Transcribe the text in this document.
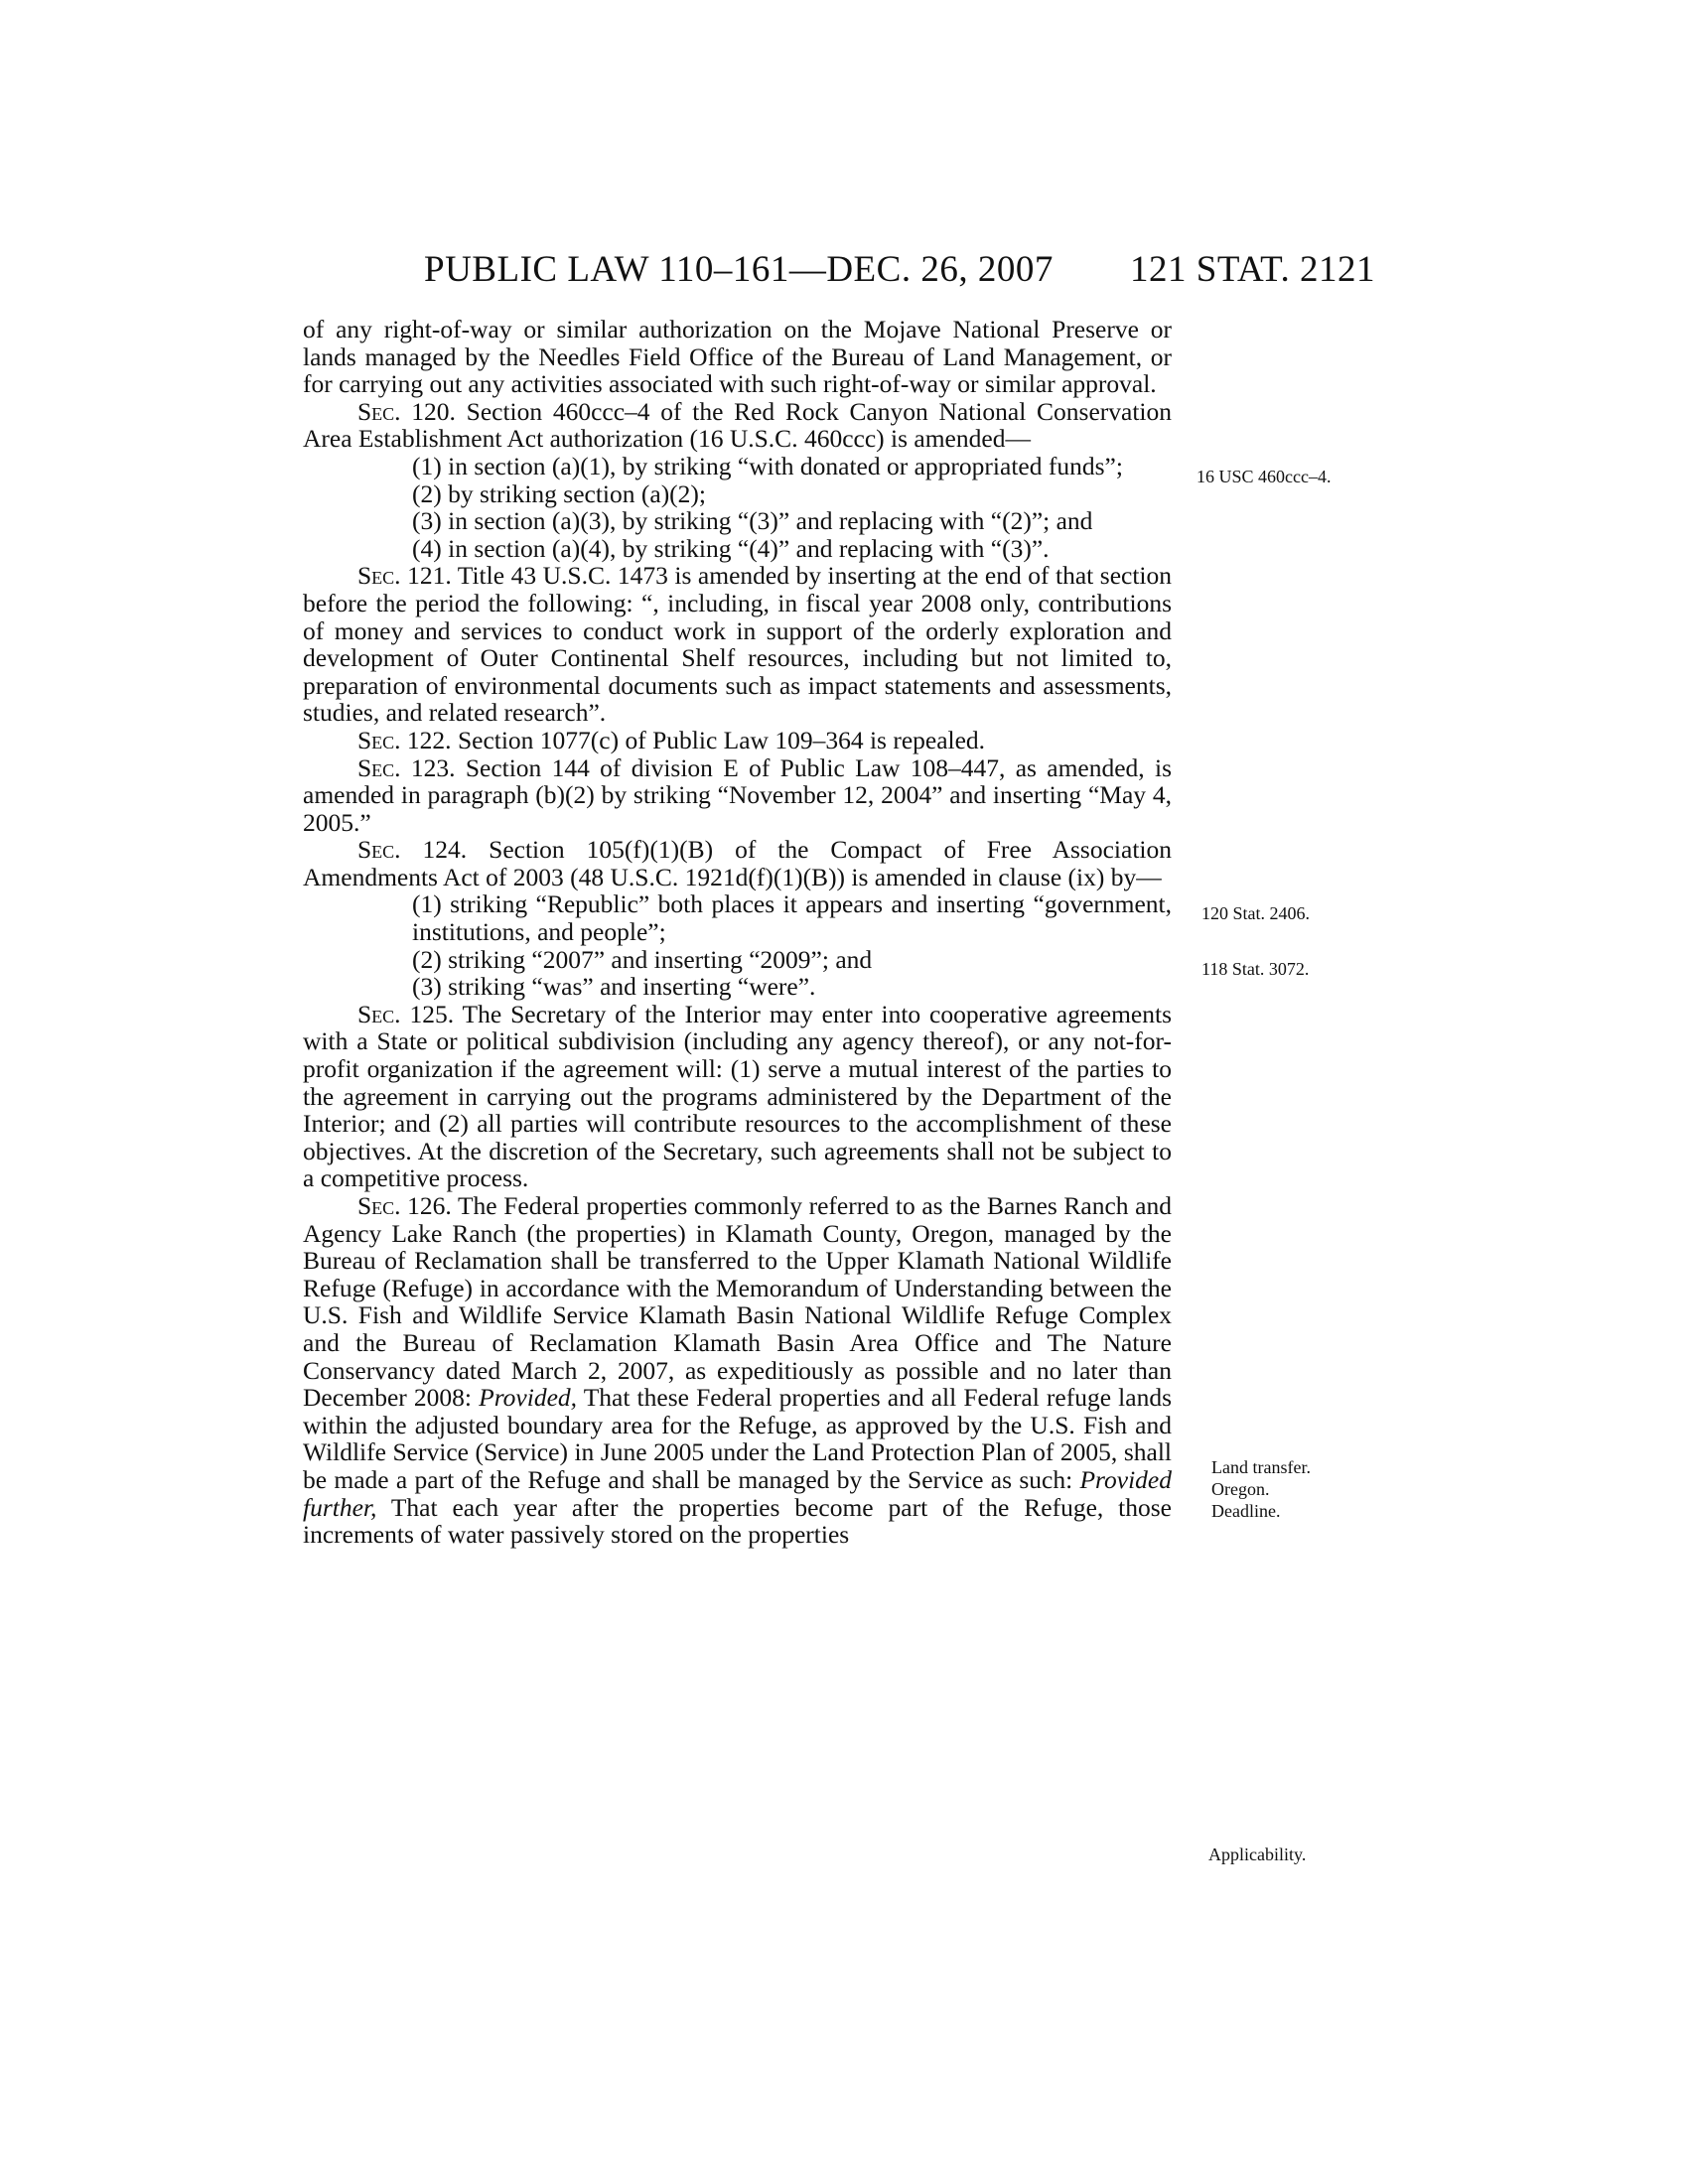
PUBLIC LAW 110–161—DEC. 26, 2007 121 STAT. 2121

of any right-of-way or similar authorization on the Mojave National Preserve or lands managed by the Needles Field Office of the Bureau of Land Management, or for carrying out any activities associated with such right-of-way or similar approval.

Sec. 120. Section 460ccc–4 of the Red Rock Canyon National Conservation Area Establishment Act authorization (16 U.S.C. 460ccc) is amended—

(1) in section (a)(1), by striking “with donated or appropriated funds”;

(2) by striking section (a)(2);

(3) in section (a)(3), by striking “(3)” and replacing with “(2)”; and

(4) in section (a)(4), by striking “(4)” and replacing with “(3)”.

Sec. 121. Title 43 U.S.C. 1473 is amended by inserting at the end of that section before the period the following: “, including, in fiscal year 2008 only, contributions of money and services to conduct work in support of the orderly exploration and development of Outer Continental Shelf resources, including but not limited to, preparation of environmental documents such as impact statements and assessments, studies, and related research”.

Sec. 122. Section 1077(c) of Public Law 109–364 is repealed.

Sec. 123. Section 144 of division E of Public Law 108–447, as amended, is amended in paragraph (b)(2) by striking “November 12, 2004” and inserting “May 4, 2005.”

Sec. 124. Section 105(f)(1)(B) of the Compact of Free Association Amendments Act of 2003 (48 U.S.C. 1921d(f)(1)(B)) is amended in clause (ix) by—

(1) striking “Republic” both places it appears and inserting “government, institutions, and people”;

(2) striking “2007” and inserting “2009”; and

(3) striking “was” and inserting “were”.

Sec. 125. The Secretary of the Interior may enter into cooperative agreements with a State or political subdivision (including any agency thereof), or any not-for-profit organization if the agreement will: (1) serve a mutual interest of the parties to the agreement in carrying out the programs administered by the Department of the Interior; and (2) all parties will contribute resources to the accomplishment of these objectives. At the discretion of the Secretary, such agreements shall not be subject to a competitive process.

Sec. 126. The Federal properties commonly referred to as the Barnes Ranch and Agency Lake Ranch (the properties) in Klamath County, Oregon, managed by the Bureau of Reclamation shall be transferred to the Upper Klamath National Wildlife Refuge (Refuge) in accordance with the Memorandum of Understanding between the U.S. Fish and Wildlife Service Klamath Basin National Wildlife Refuge Complex and the Bureau of Reclamation Klamath Basin Area Office and The Nature Conservancy dated March 2, 2007, as expeditiously as possible and no later than December 2008: Provided, That these Federal properties and all Federal refuge lands within the adjusted boundary area for the Refuge, as approved by the U.S. Fish and Wildlife Service (Service) in June 2005 under the Land Protection Plan of 2005, shall be made a part of the Refuge and shall be managed by the Service as such: Provided further, That each year after the properties become part of the Refuge, those increments of water passively stored on the properties

16 USC 460ccc–4.
120 Stat. 2406.
118 Stat. 3072.
Land transfer.
Oregon.
Deadline.
Applicability.
